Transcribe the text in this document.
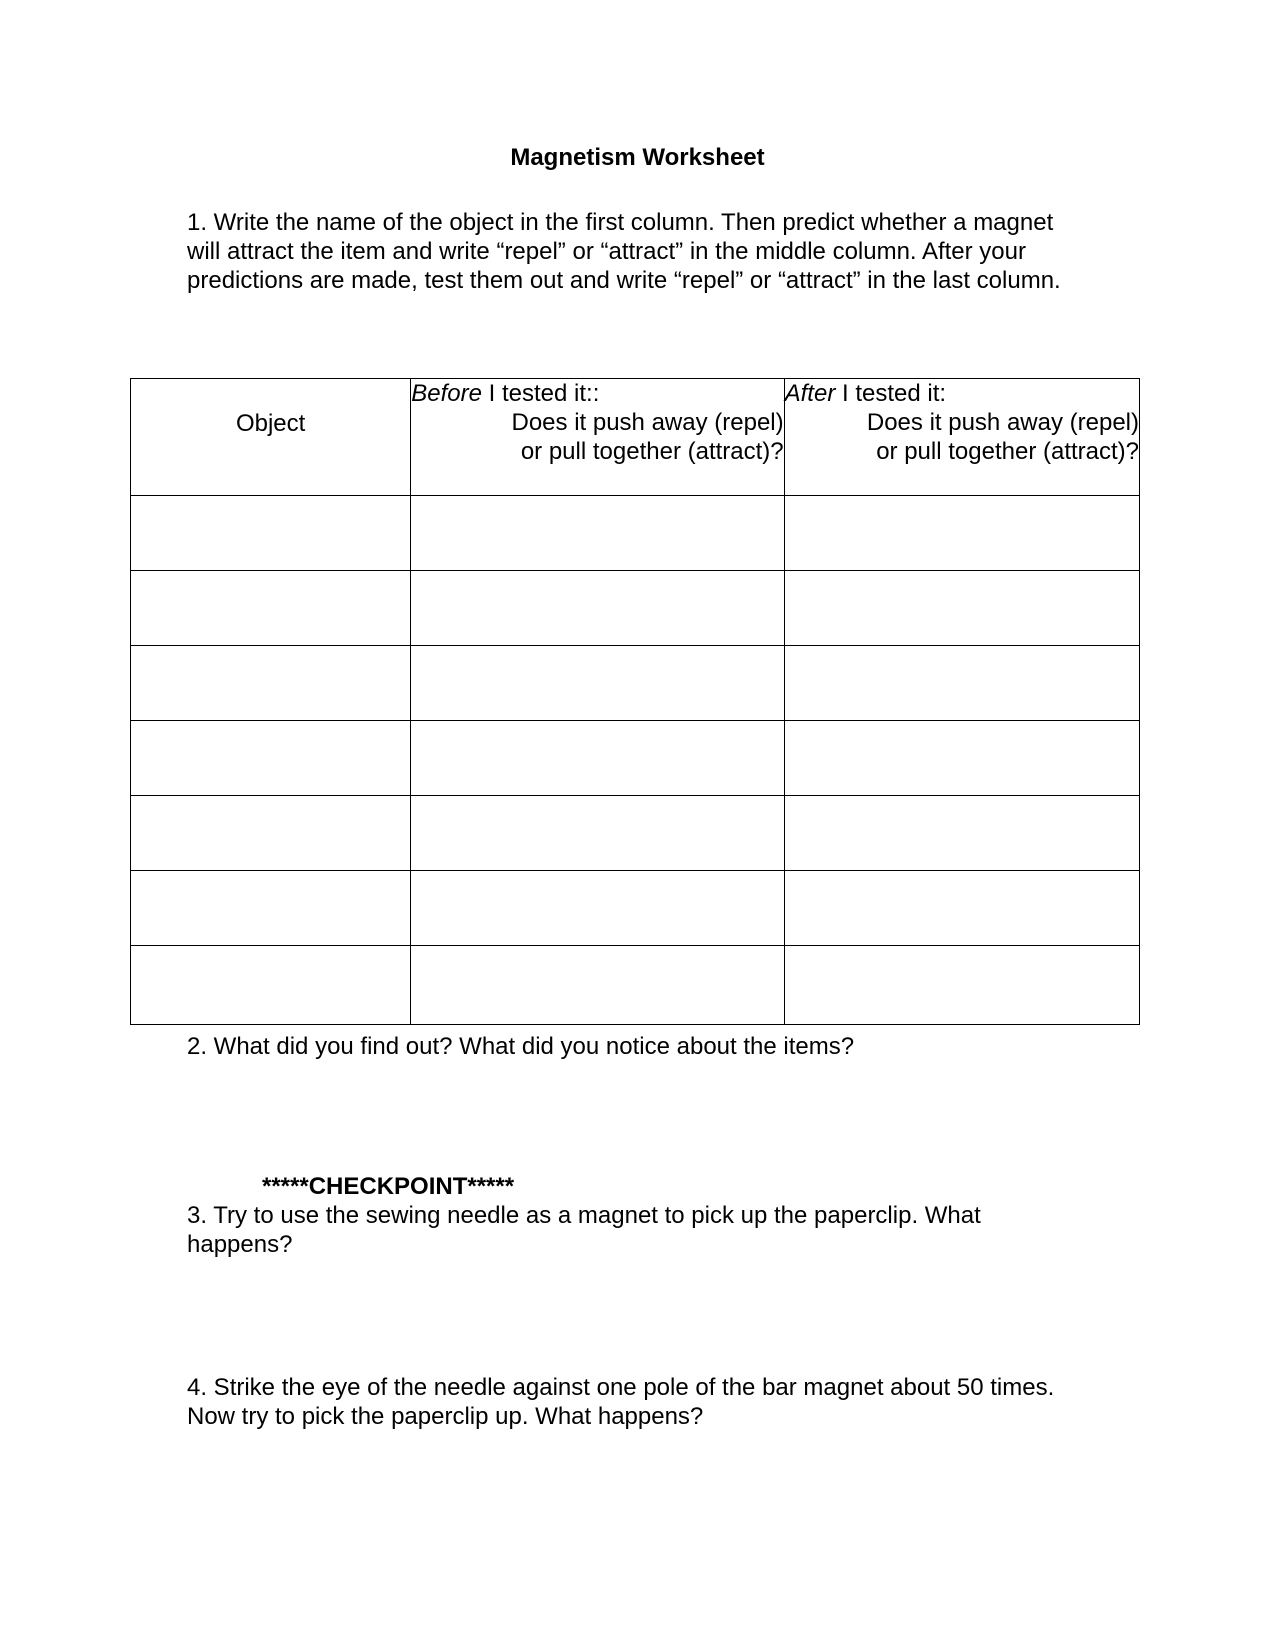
Magnetism Worksheet

1. Write the name of the object in the first column. Then predict whether a magnet will attract the item and write “repel” or “attract” in the middle column. After your predictions are made, test them out and write “repel” or “attract” in the last column.

Object	Before I tested it::
Does it push away (repel)
or pull together (attract)?	After I tested it:
Does it push away (repel)
or pull together (attract)?

2. What did you find out? What did you notice about the items?

*****CHECKPOINT*****

3. Try to use the sewing needle as a magnet to pick up the paperclip. What happens?

4. Strike the eye of the needle against one pole of the bar magnet about 50 times. Now try to pick the paperclip up. What happens?
